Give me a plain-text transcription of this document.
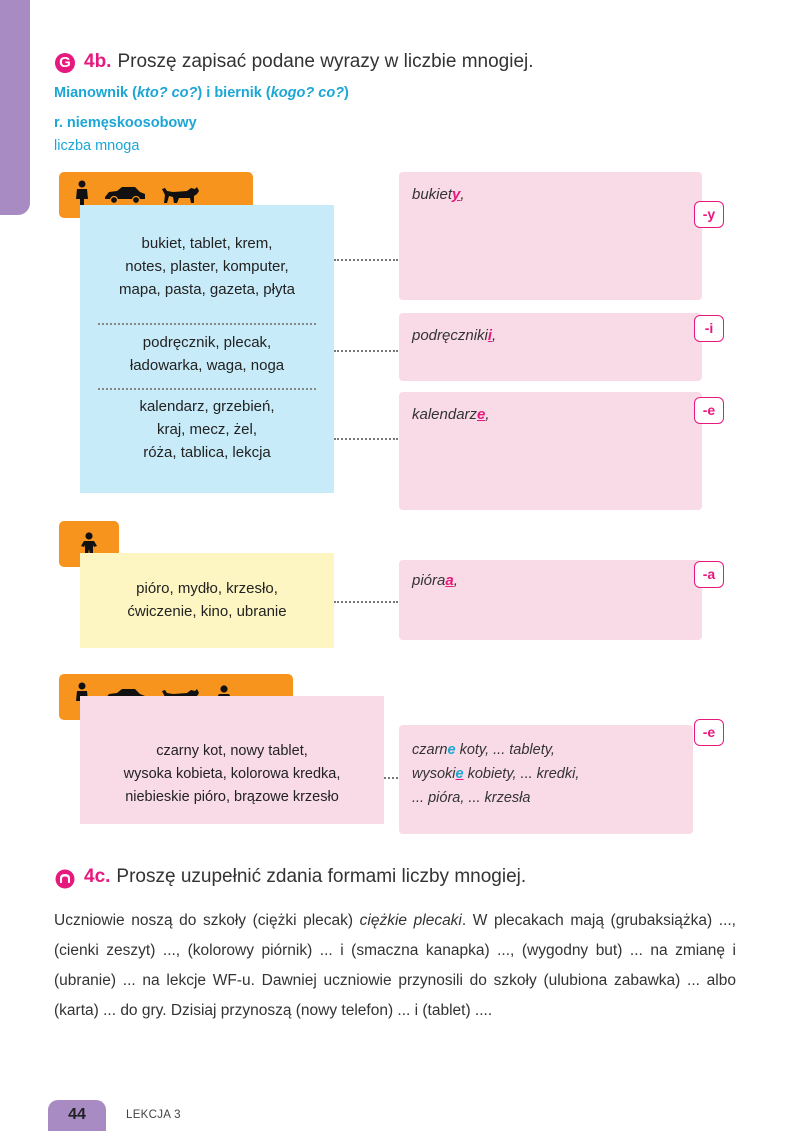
G 4b. Proszę zapisać podane wyrazy w liczbie mnogiej.
Mianownik (kto? co?) i biernik (kogo? co?)
r. niemęskoosobowy
liczba mnoga
bukiet, tablet, krem,
notes, plaster, komputer,
mapa, pasta, gazeta, płyta
podręcznik, plecak,
ładowarka, waga, noga
kalendarz, grzebień,
kraj, mecz, żel,
róża, tablica, lekcja
bukiety,
-y
podręcznikii,	-i
kalendarze,	-e
pióro, mydło, krzesło,
ćwiczenie, kino, ubranie
pióraa,	-a
czarny kot, nowy tablet,
wysoka kobieta, kolorowa kredka,
niebieskie pióro, brązowe krzesło
czarne koty, ... tablety,
wysokie kobiety, ... kredki,
... pióra, ... krzesła
-e
4c. Proszę uzupełnić zdania formami liczby mnogiej.
Uczniowie noszą do szkoły (ciężki plecak) ciężkie plecaki. W plecakach mają (grubaksiążka) ..., (cienki zeszyt) ..., (kolorowy piórnik) ... i (smaczna kanapka) ..., (wygodny but) ... na zmianę i (ubranie) ... na lekcje WF-u. Dawniej uczniowie przynosili do szkoły (ulubiona zabawka) ... albo (karta) ... do gry. Dzisiaj przynoszą (nowy telefon) ... i (tablet) ....
44	LEKCJA 3
